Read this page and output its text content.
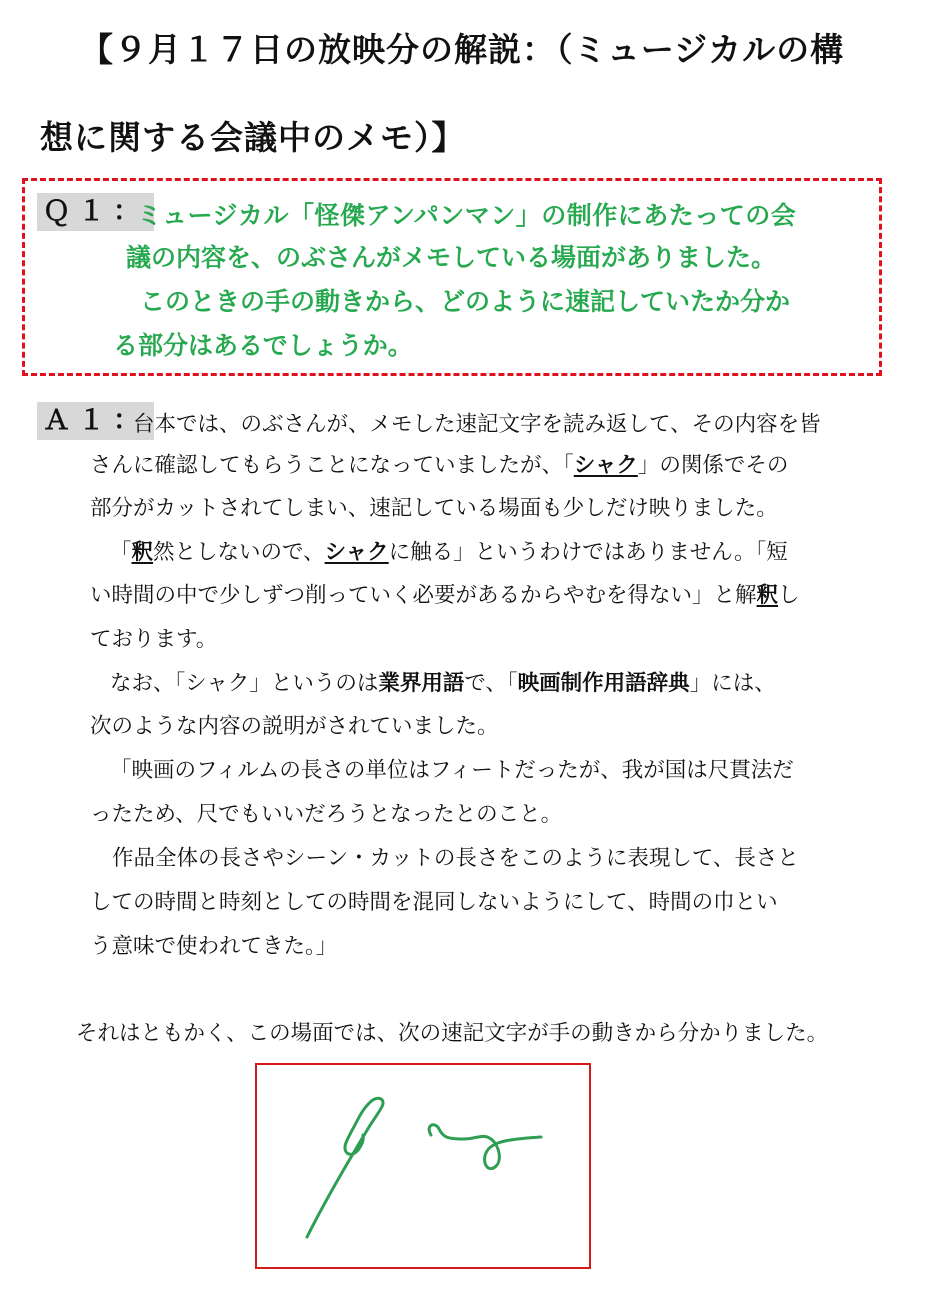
【９月１７日の放映分の解説：（ミュージカルの構
想に関する会議中のメモ）】
Ｑ１：
ミュージカル「怪傑アンパンマン」の制作にあたっての会
議の内容を、のぶさんがメモしている場面がありました。
このときの手の動きから、どのように速記していたか分か
る部分はあるでしょうか。
Ａ１：
台本では、のぶさんが、メモした速記文字を読み返して、その内容を皆
さんに確認してもらうことになっていましたが、「シャク」の関係でその
部分がカットされてしまい、速記している場面も少しだけ映りました。
「釈然としないので、シャクに触る」というわけではありません。「短
い時間の中で少しずつ削っていく必要があるからやむを得ない」と解釈し
ております。
なお、「シャク」というのは業界用語で、「映画制作用語辞典」には、
次のような内容の説明がされていました。
「映画のフィルムの長さの単位はフィートだったが、我が国は尺貫法だ
ったため、尺でもいいだろうとなったとのこと。
作品全体の長さやシーン・カットの長さをこのように表現して、長さと
しての時間と時刻としての時間を混同しないようにして、時間の巾とい
う意味で使われてきた。」
それはともかく、この場面では、次の速記文字が手の動きから分かりました。
